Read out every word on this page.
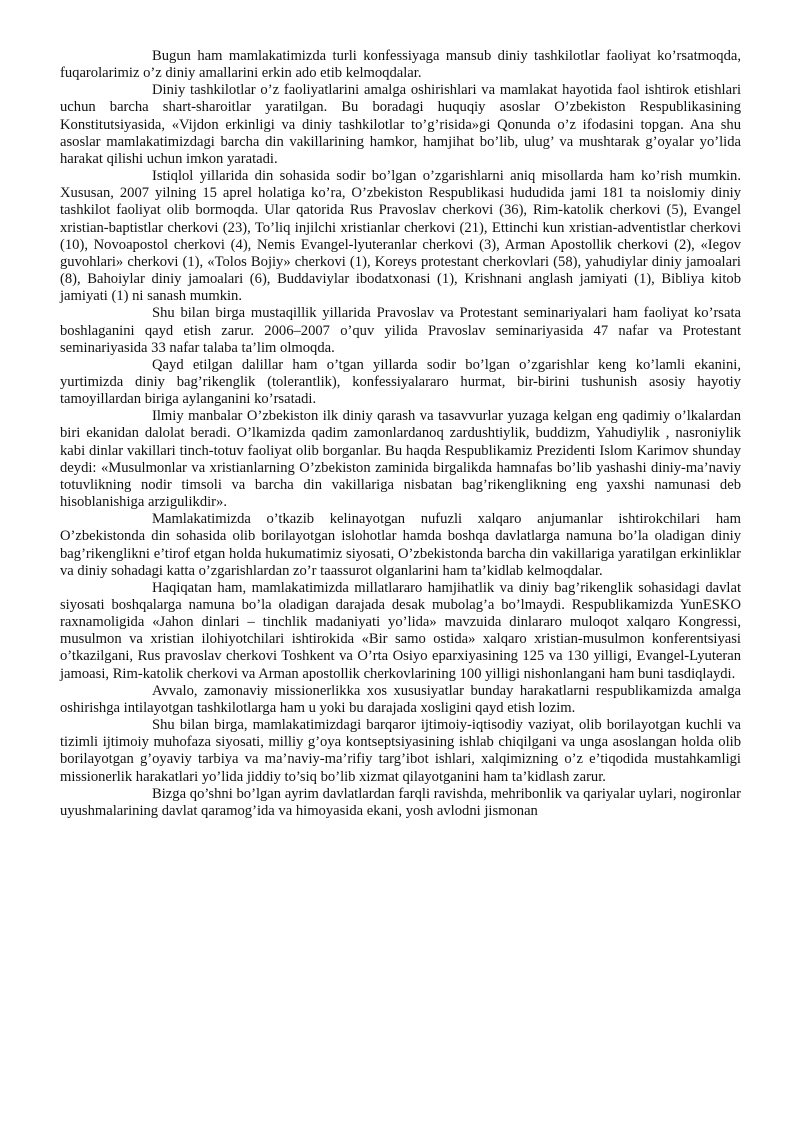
Bugun ham mamlakatimizda turli konfessiyaga mansub diniy tashkilotlar faoliyat ko’rsatmoqda, fuqarolarimiz o’z diniy amallarini erkin ado etib kelmoqdalar.

Diniy tashkilotlar o’z faoliyatlarini amalga oshirishlari va mamlakat hayotida faol ishtirok etishlari uchun barcha shart-sharoitlar yaratilgan. Bu boradagi huquqiy asoslar O’zbekiston Respublikasining Konstitutsiyasida, «Vijdon erkinligi va diniy tashkilotlar to’g’risida»gi Qonunda o’z ifodasini topgan. Ana shu asoslar mamlakatimizdagi barcha din vakillarining hamkor, hamjihat bo’lib, ulug’ va mushtarak g’oyalar yo’lida harakat qilishi uchun imkon yaratadi.

Istiqlol yillarida din sohasida sodir bo’lgan o’zgarishlarni aniq misollarda ham ko’rish mumkin. Xususan, 2007 yilning 15 aprel holatiga ko’ra, O’zbekiston Respublikasi hududida jami 181 ta noislomiy diniy tashkilot faoliyat olib bormoqda. Ular qatorida Rus Pravoslav cherkovi (36), Rim-katolik cherkovi (5), Evangel xristian-baptistlar cherkovi (23), To’liq injilchi xristianlar cherkovi (21), Ettinchi kun xristian-adventistlar cherkovi (10), Novoapostol cherkovi (4), Nemis Evangel-lyuteranlar cherkovi (3), Arman Apostollik cherkovi (2), «Iegov guvohlari» cherkovi (1), «Tolos Bojiy» cherkovi (1), Koreys protestant cherkovlari (58), yahudiylar diniy jamoalari (8), Bahoiylar diniy jamoalari (6), Buddaviylar ibodatxonasi (1), Krishnani anglash jamiyati (1), Bibliya kitob jamiyati (1) ni sanash mumkin.

Shu bilan birga mustaqillik yillarida Pravoslav va Protestant seminariyalari ham faoliyat ko’rsata boshlaganini qayd etish zarur. 2006–2007 o’quv yilida Pravoslav seminariyasida 47 nafar va Protestant seminariyasida 33 nafar talaba ta’lim olmoqda.

Qayd etilgan dalillar ham o’tgan yillarda sodir bo’lgan o’zgarishlar keng ko’lamli ekanini, yurtimizda diniy bag’rikenglik (tolerantlik), konfessiyalararo hurmat, bir-birini tushunish asosiy hayotiy tamoyillardan biriga aylanganini ko’rsatadi.

Ilmiy manbalar O’zbekiston ilk diniy qarash va tasavvurlar yuzaga kelgan eng qadimiy o’lkalardan biri ekanidan dalolat beradi. O’lkamizda qadim zamonlardanoq zardushtiylik, buddizm, Yahudiylik , nasroniylik kabi dinlar vakillari tinch-totuv faoliyat olib borganlar. Bu haqda Respublikamiz Prezidenti Islom Karimov shunday deydi: «Musulmonlar va xristianlarning O’zbekiston zaminida birgalikda hamnafas bo’lib yashashi diniy-ma’naviy totuvlikning nodir timsoli va barcha din vakillariga nisbatan bag’rikenglikning eng yaxshi namunasi deb hisoblanishiga arzigulikdir».

Mamlakatimizda o’tkazib kelinayotgan nufuzli xalqaro anjumanlar ishtirokchilari ham O’zbekistonda din sohasida olib borilayotgan islohotlar hamda boshqa davlatlarga namuna bo’la oladigan diniy bag’rikenglikni e’tirof etgan holda hukumatimiz siyosati, O’zbekistonda barcha din vakillariga yaratilgan erkinliklar va diniy sohadagi katta o’zgarishlardan zo’r taassurot olganlarini ham ta’kidlab kelmoqdalar.

Haqiqatan ham, mamlakatimizda millatlararo hamjihatlik va diniy bag’rikenglik sohasidagi davlat siyosati boshqalarga namuna bo’la oladigan darajada desak mubolag’a bo’lmaydi. Respublikamizda YunESKO raxnamoligida «Jahon dinlari – tinchlik madaniyati yo’lida» mavzuida dinlararo muloqot xalqaro Kongressi, musulmon va xristian ilohiyotchilari ishtirokida «Bir samo ostida» xalqaro xristian-musulmon konferentsiyasi o’tkazilgani, Rus pravoslav cherkovi Toshkent va O’rta Osiyo eparxiyasining 125 va 130 yilligi, Evangel-Lyuteran jamoasi, Rim-katolik cherkovi va Arman apostollik cherkovlarining 100 yilligi nishonlangani ham buni tasdiqlaydi.

Avvalo, zamonaviy missionerlikka xos xususiyatlar bunday harakatlarni respublikamizda amalga oshirishga intilayotgan tashkilotlarga ham u yoki bu darajada xosligini qayd etish lozim.

Shu bilan birga, mamlakatimizdagi barqaror ijtimoiy-iqtisodiy vaziyat, olib borilayotgan kuchli va tizimli ijtimoiy muhofaza siyosati, milliy g’oya kontseptsiyasining ishlab chiqilgani va unga asoslangan holda olib borilayotgan g’oyaviy tarbiya va ma’naviy-ma’rifiy targ’ibot ishlari, xalqimizning o’z e’tiqodida mustahkamligi missionerlik harakatlari yo’lida jiddiy to’siq bo’lib xizmat qilayotganini ham ta’kidlash zarur.

Bizga qo’shni bo’lgan ayrim davlatlardan farqli ravishda, mehribonlik va qariyalar uylari, nogironlar uyushmalarining davlat qaramog’ida va himoyasida ekani, yosh avlodni jismonan
